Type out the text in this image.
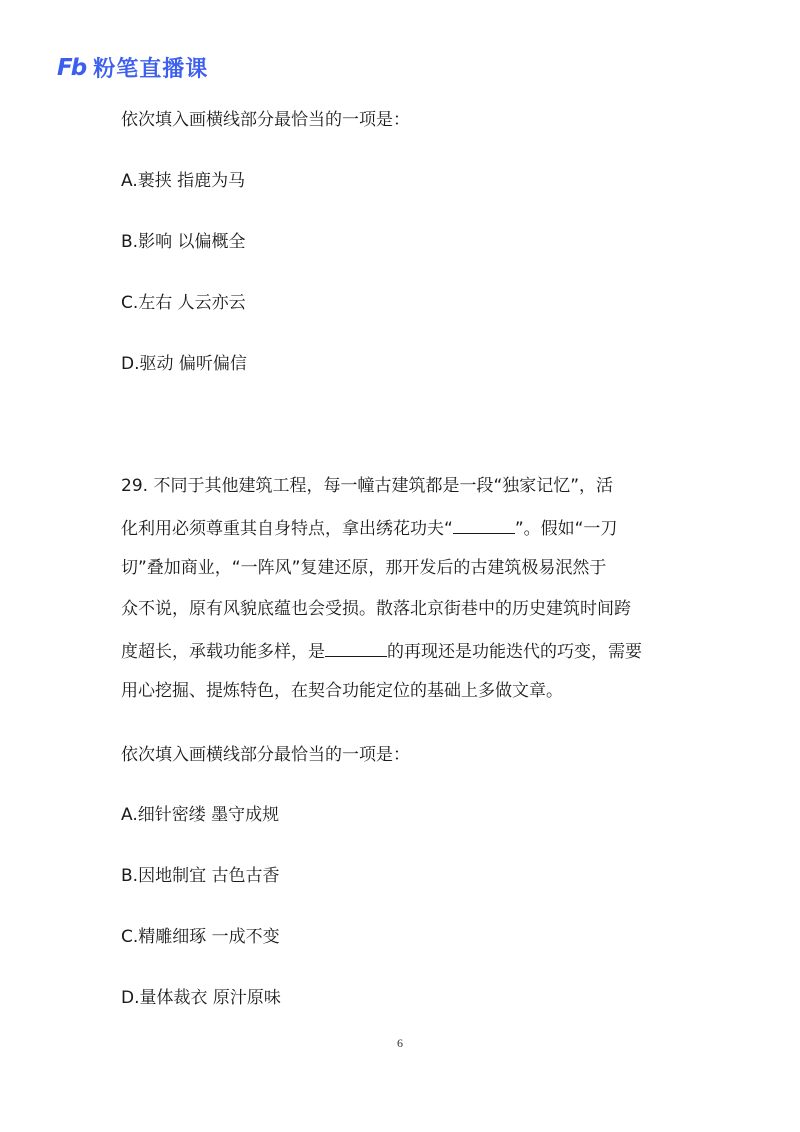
Fb 粉笔直播课
依次填入画横线部分最恰当的一项是：
A.裹挟 指鹿为马
B.影响 以偏概全
C.左右 人云亦云
D.驱动 偏听偏信
29. 不同于其他建筑工程，每一幢古建筑都是一段“独家记忆”，活
化利用必须尊重其自身特点，拿出绣花功夫“	”。假如“一刀
切”叠加商业，“一阵风”复建还原，那开发后的古建筑极易泯然于
众不说，原有风貌底蕴也会受损。散落北京街巷中的历史建筑时间跨
度超长，承载功能多样，是	的再现还是功能迭代的巧变，需要
用心挖掘、提炼特色，在契合功能定位的基础上多做文章。
依次填入画横线部分最恰当的一项是：
A.细针密缕 墨守成规
B.因地制宜 古色古香
C.精雕细琢 一成不变
D.量体裁衣 原汁原味
6
